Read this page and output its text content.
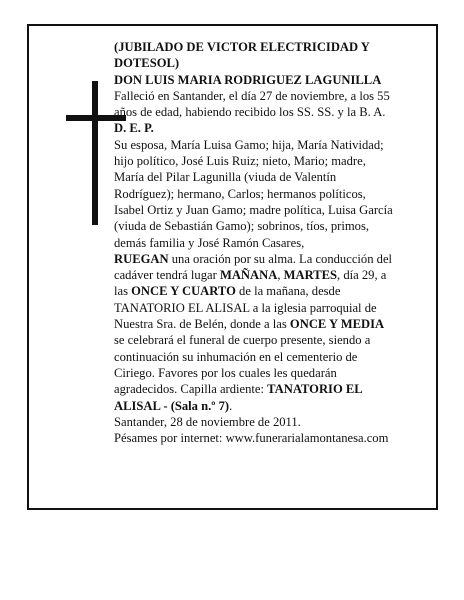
(JUBILADO DE VICTOR ELECTRICIDAD Y
DOTESOL)
DON LUIS MARIA RODRIGUEZ LAGUNILLA
Falleció en Santander, el día 27 de noviembre, a los 55
años de edad, habiendo recibido los SS. SS. y la B. A.
D. E. P.
Su esposa, María Luisa Gamo; hija, María Natividad;
hijo político, José Luis Ruiz; nieto, Mario; madre,
María del Pilar Lagunilla (viuda de Valentín
Rodríguez); hermano, Carlos; hermanos políticos,
Isabel Ortiz y Juan Gamo; madre política, Luisa García
(viuda de Sebastián Gamo); sobrinos, tíos, primos,
demás familia y José Ramón Casares,
RUEGAN una oración por su alma. La conducción del
cadáver tendrá lugar MAÑANA, MARTES, día 29, a
las ONCE Y CUARTO de la mañana, desde
TANATORIO EL ALISAL a la iglesia parroquial de
Nuestra Sra. de Belén, donde a las ONCE Y MEDIA
se celebrará el funeral de cuerpo presente, siendo a
continuación su inhumación en el cementerio de
Ciriego. Favores por los cuales les quedarán
agradecidos. Capilla ardiente: TANATORIO EL
ALISAL - (Sala n.º 7).
Santander, 28 de noviembre de 2011.
Pésames por internet: www.funerarialamontanesa.com
